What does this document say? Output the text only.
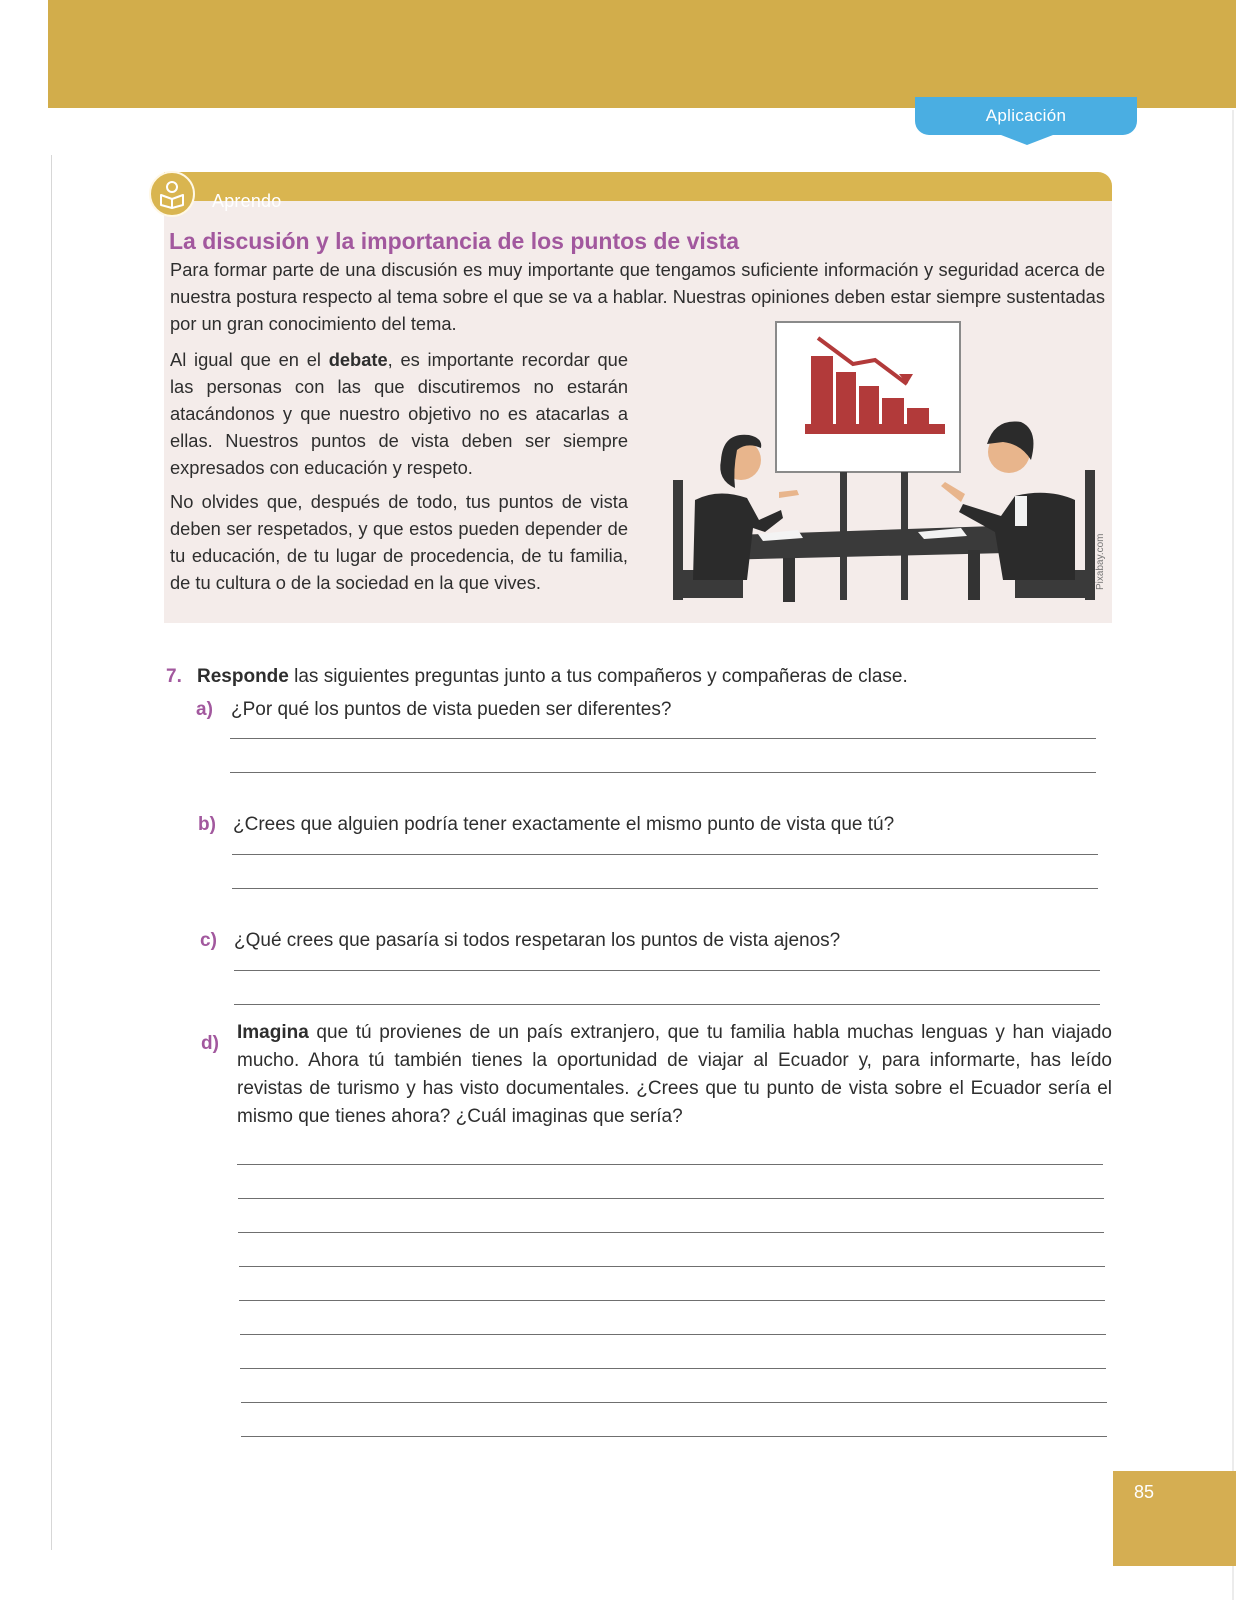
Aplicación
Aprendo
La discusión y la importancia de los puntos de vista
Para formar parte de una discusión es muy importante que tengamos suficiente información y seguridad acerca de nuestra postura respecto al tema sobre el que se va a hablar. Nuestras opiniones deben estar siempre sustentadas por un gran conocimiento del tema.
Al igual que en el debate, es importante recordar que las personas con las que discutiremos no estarán atacándonos y que nuestro objetivo no es atacarlas a ellas. Nuestros puntos de vista deben ser siempre expresados con educación y respeto.
No olvides que, después de todo, tus puntos de vista deben ser respetados, y que estos pueden depender de tu educación, de tu lugar de procedencia, de tu familia, de tu cultura o de la sociedad en la que vives.	Pixabay.com
7. Responde las siguientes preguntas junto a tus compañeros y compañeras de clase.
a) ¿Por qué los puntos de vista pueden ser diferentes?
b) ¿Crees que alguien podría tener exactamente el mismo punto de vista que tú?
c) ¿Qué crees que pasaría si todos respetaran los puntos de vista ajenos?
d)
Imagina que tú provienes de un país extranjero, que tu familia habla muchas lenguas y han viajado mucho. Ahora tú también tienes la oportunidad de viajar al Ecuador y, para informarte, has leído revistas de turismo y has visto documentales. ¿Crees que tu punto de vista sobre el Ecuador sería el mismo que tienes ahora? ¿Cuál imaginas que sería?
85
